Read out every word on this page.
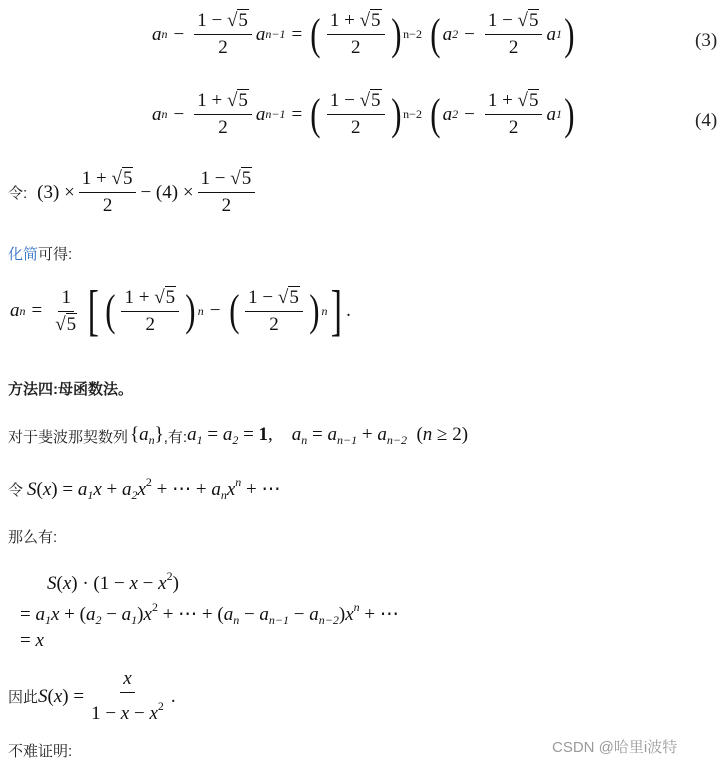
a $n - \frac{1 - √5}{2}$ a n−1 = ( $\frac{1 + √5}{2}$ ) n−2 ( a $2 - \frac{1 - √5}{2}$ a 1 )	(3)
a $n - \frac{1 + √5}{2}$ a n−1 = ( $\frac{1 - √5}{2}$ ) n−2 ( a $2 - \frac{1 + √5}{2}$ a 1 )	(4)
令: $(3) \times \frac{1 + √5}{2} - (4) \times \frac{1 - √5}{2}$
化简可得:
a $n = \frac{1}{√5}$ [ ( $\frac{1 + √5}{2}$ ) n − ( $\frac{1 - √5}{2}$ ) n ] .
方法四:母函数法。
对于斐波那契数列 $\{a_n\}$ ,有: $a_1 = a_2 = 1$,    $a_n = a_{n-1} + a_{n-2}$  (n ≥ 2)
令 $S(x) = a_1x + a_2x^2$ + ⋯ + $a_nx^n$ + ⋯
那么有:
$S(x) \cdot (1 - x - x^2)$
= $a_1x + (a_2 - a_1)x^2$ + ⋯ + $(a_n - a_{n-1} - a_{n-2})x^n$ + ⋯
= x
因此 S ( x ) = $\frac{x}{1 - x - x^2}$ .
不难证明:	CSDN @哈里i波特
